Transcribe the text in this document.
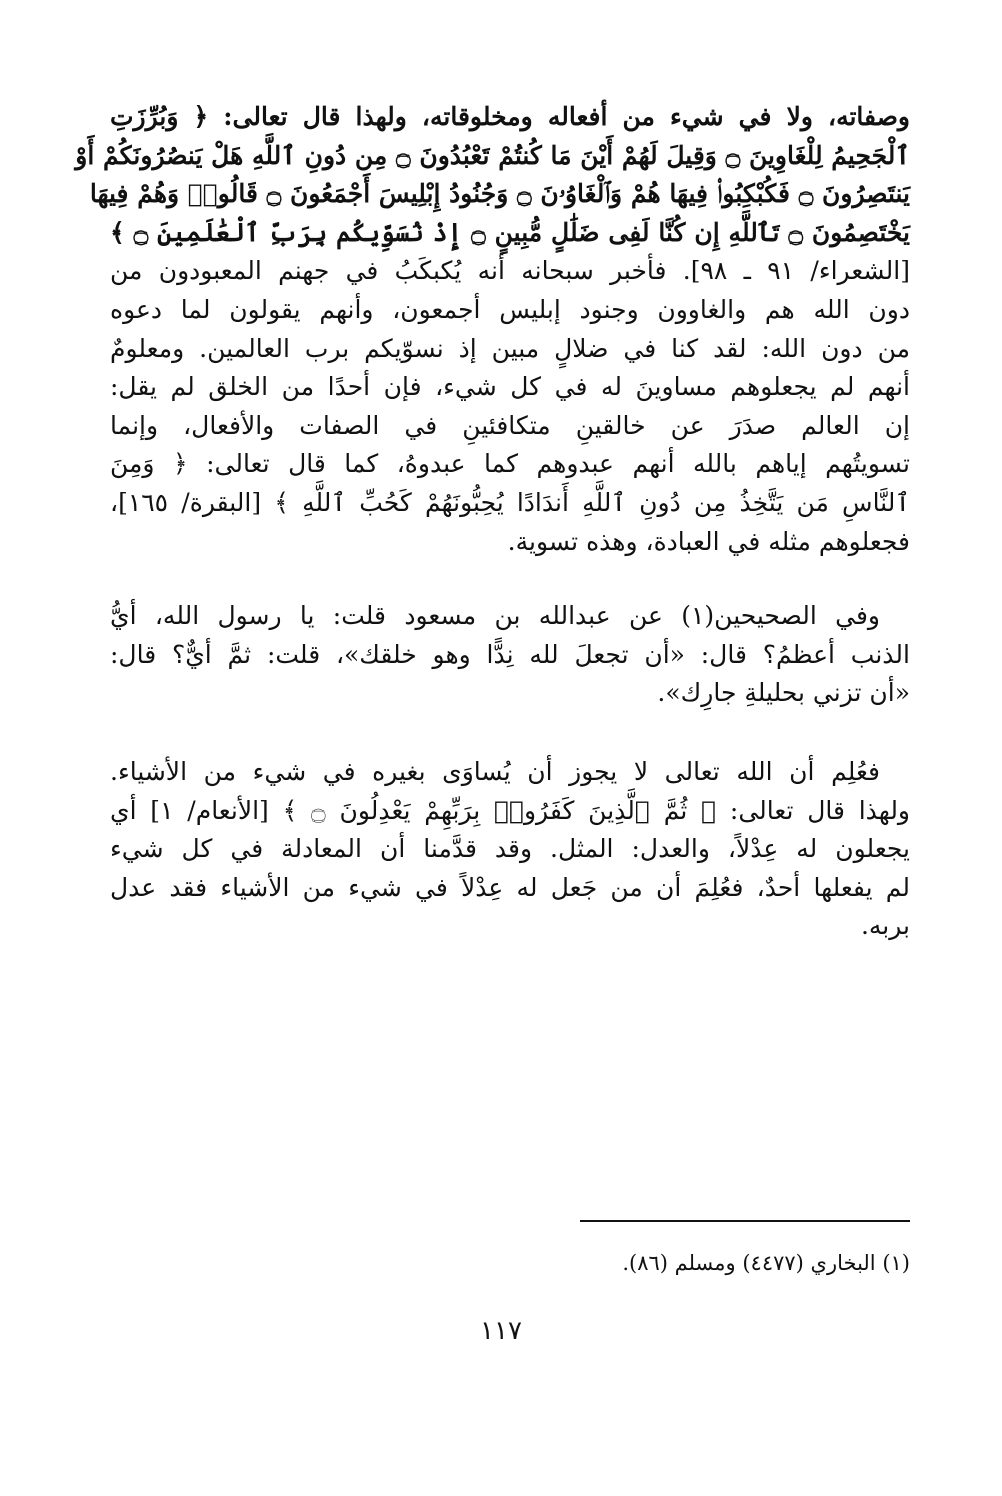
وصفاته، ولا في شيء من أفعاله ومخلوقاته، ولهذا قال تعالى: ﴿ وَبُرِّزَتِ
ٱلْجَحِيمُ لِلْغَاوِينَ ۝ وَقِيلَ لَهُمْ أَيْنَ مَا كُنتُمْ تَعْبُدُونَ ۝ مِن دُونِ ٱللَّهِ هَلْ يَنصُرُونَكُمْ أَوْ
يَنتَصِرُونَ ۝ فَكُبْكِبُوا۟ فِيهَا هُمْ وَٱلْغَاوُۥنَ ۝ وَجُنُودُ إِبْلِيسَ أَجْمَعُونَ ۝ قَالُوا۟ وَهُمْ فِيهَا
يَخْتَصِمُونَ ۝ تَٱللَّهِ إِن كُنَّا لَفِى ضَلَٰلٍ مُّبِينٍ ۝ إِذْ نُسَوِّيكُم بِرَبِّ ٱلْعَٰلَمِينَ ۝ ﴾
[الشعراء/ ٩١ ـ ٩٨]. فأخبر سبحانه أنه يُكبكَبُ في جهنم المعبودون من
دون الله هم والغاوون وجنود إبليس أجمعون، وأنهم يقولون لما دعوه
من دون الله: لقد كنا في ضلالٍ مبين إذ نسوّيكم برب العالمين. ومعلومٌ
أنهم لم يجعلوهم مساوينَ له في كل شيء، فإن أحدًا من الخلق لم يقل:
إن العالم صدَرَ عن خالقينِ متكافئينِ في الصفات والأفعال، وإنما
تسويتُهم إياهم بالله أنهم عبدوهم كما عبدوهُ، كما قال تعالى: ﴿ وَمِنَ
ٱلنَّاسِ مَن يَتَّخِذُ مِن دُونِ ٱللَّهِ أَندَادًا يُحِبُّونَهُمْ كَحُبِّ ٱللَّهِ ﴾ [البقرة/ ١٦٥]،
فجعلوهم مثله في العبادة، وهذه تسوية.
وفي الصحيحين(١) عن عبدالله بن مسعود قلت: يا رسول الله، أيُّ
الذنب أعظمُ؟ قال: «أن تجعلَ لله نِدًّا وهو خلقك»، قلت: ثمَّ أيٌّ؟ قال:
«أن تزني بحليلةِ جارِك».
فعُلِم أن الله تعالى لا يجوز أن يُساوَى بغيره في شيء من الأشياء.
ولهذا قال تعالى: ﴿ ثُمَّ ٱلَّذِينَ كَفَرُوا۟ بِرَبِّهِمْ يَعْدِلُونَ ۝ ﴾ [الأنعام/ ١] أي
يجعلون له عِدْلاً، والعدل: المثل. وقد قدَّمنا أن المعادلة في كل شيء
لم يفعلها أحدٌ، فعُلِمَ أن من جَعل له عِدْلاً في شيء من الأشياء فقد عدل
بربه.
(١) البخاري (٤٤٧٧) ومسلم (٨٦).
١١٧
